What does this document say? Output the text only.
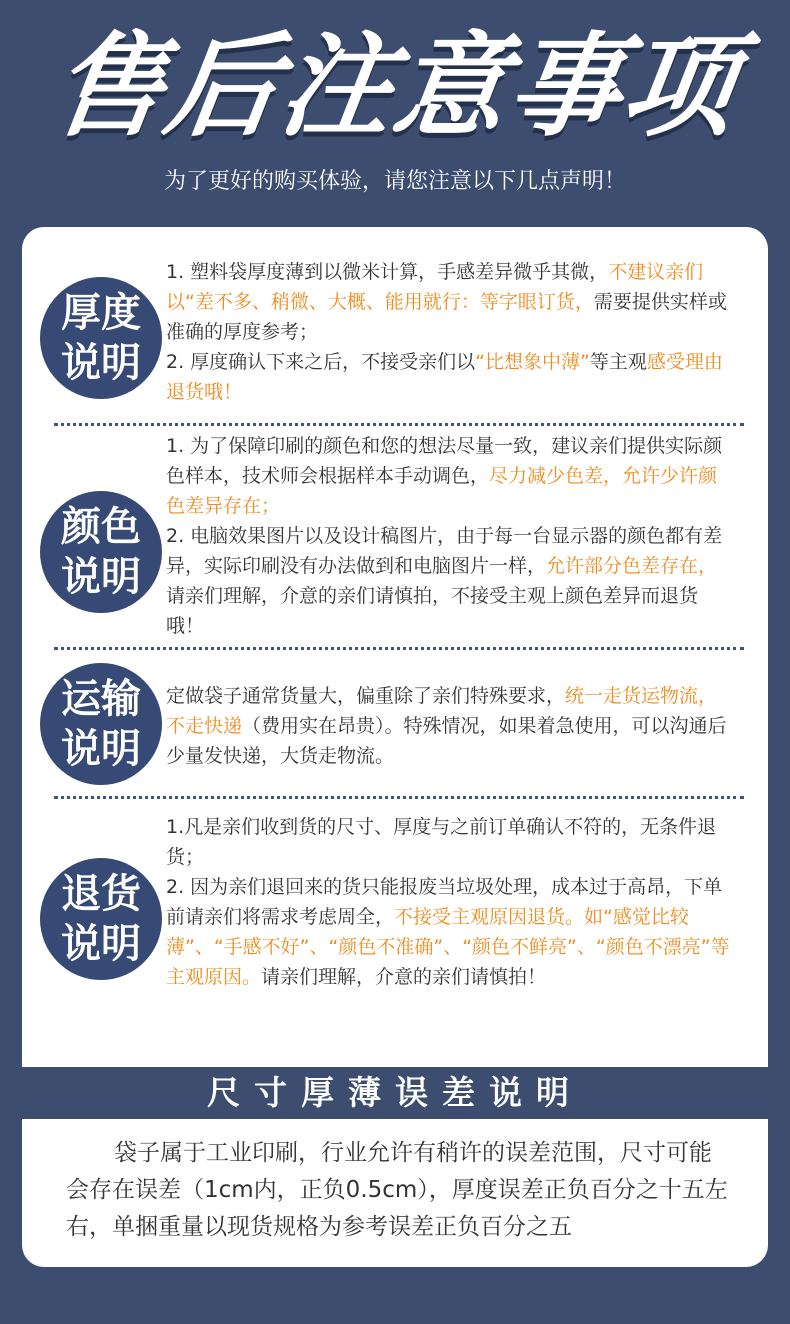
售后注意事项
为了更好的购买体验，请您注意以下几点声明！
厚度
说明
1. 塑料袋厚度薄到以微米计算，手感差异微乎其微，不建议亲们以“差不多、稍微、大概、能用就行：等字眼订货，需要提供实样或准确的厚度参考；
2. 厚度确认下来之后，不接受亲们以“比想象中薄”等主观感受理由退货哦！
颜色
说明
1. 为了保障印刷的颜色和您的想法尽量一致，建议亲们提供实际颜色样本，技术师会根据样本手动调色，尽力减少色差，允许少许颜色差异存在；
2. 电脑效果图片以及设计稿图片，由于每一台显示器的颜色都有差异，实际印刷没有办法做到和电脑图片一样，允许部分色差存在，请亲们理解，介意的亲们请慎拍，不接受主观上颜色差异而退货哦！
运输
说明
定做袋子通常货量大，偏重除了亲们特殊要求，统一走货运物流，不走快递（费用实在昂贵）。特殊情况，如果着急使用，可以沟通后少量发快递，大货走物流。
退货
说明
1.凡是亲们收到货的尺寸、厚度与之前订单确认不符的，无条件退货；
2. 因为亲们退回来的货只能报废当垃圾处理，成本过于高昂，下单前请亲们将需求考虑周全，不接受主观原因退货。如“感觉比较薄”、“手感不好”、“颜色不准确”、“颜色不鲜亮”、“颜色不漂亮”等主观原因。请亲们理解，介意的亲们请慎拍！
尺寸厚薄误差说明
袋子属于工业印刷，行业允许有稍许的误差范围，尺寸可能会存在误差（1cm内，正负0.5cm），厚度误差正负百分之十五左右，单捆重量以现货规格为参考误差正负百分之五
